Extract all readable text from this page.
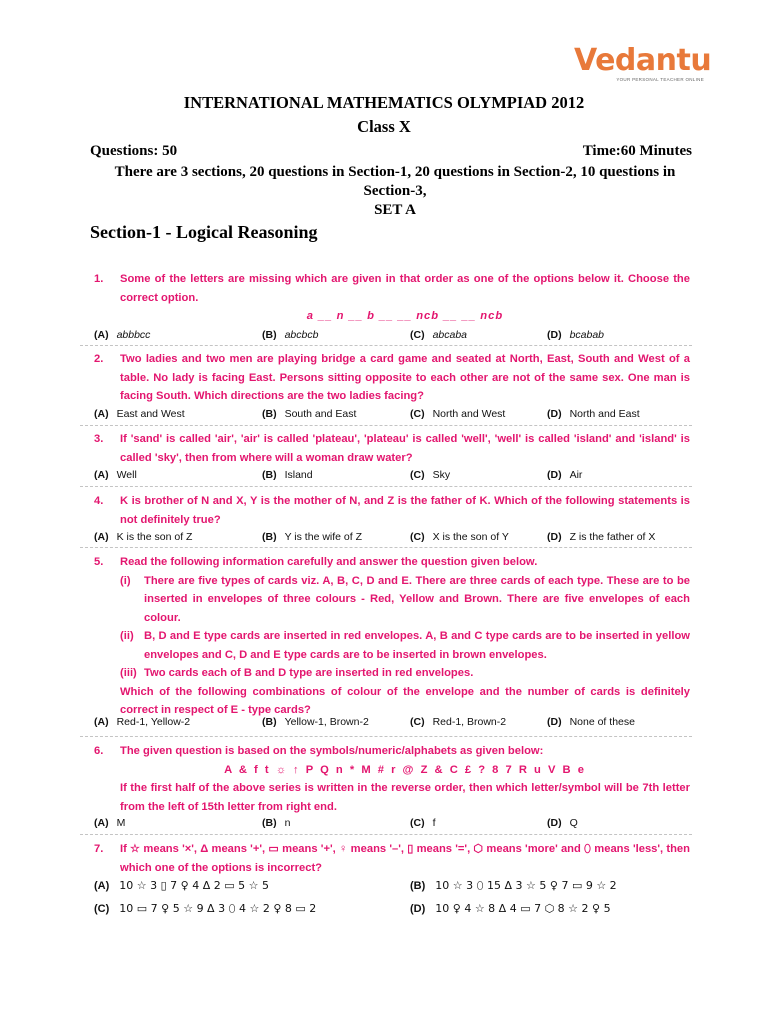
Vedantu
YOUR PERSONAL TEACHER ONLINE
INTERNATIONAL MATHEMATICS OLYMPIAD 2012
Class X
Questions: 50	Time:60 Minutes
There are 3 sections, 20 questions in Section-1, 20 questions in Section-2, 10 questions in Section-3,
SET A
Section-1 - Logical Reasoning
1. Some of the letters are missing which are given in that order as one of the options below it. Choose the correct option.
a __ n __ b __ __ ncb __ __ ncb
(A) abbbcc	(B) abcbcb	(C) abcaba	(D) bcabab
2. Two ladies and two men are playing bridge a card game and seated at North, East, South and West of a table. No lady is facing East. Persons sitting opposite to each other are not of the same sex. One man is facing South. Which directions are the two ladies facing?
(A) East and West	(B) South and East	(C) North and West	(D) North and East
3. If 'sand' is called 'air', 'air' is called 'plateau', 'plateau' is called 'well', 'well' is called 'island' and 'island' is called 'sky', then from where will a woman draw water?
(A) Well	(B) Island	(C) Sky	(D) Air
4. K is brother of N and X, Y is the mother of N, and Z is the father of K. Which of the following statements is not definitely true?
(A) K is the son of Z	(B) Y is the wife of Z	(C) X is the son of Y	(D) Z is the father of X
5. Read the following information carefully and answer the question given below.
(i) There are five types of cards viz. A, B, C, D and E. There are three cards of each type. These are to be inserted in envelopes of three colours - Red, Yellow and Brown. There are five envelopes of each colour.
(ii) B, D and E type cards are inserted in red envelopes. A, B and C type cards are to be inserted in yellow envelopes and C, D and E type cards are to be inserted in brown envelopes.
(iii) Two cards each of B and D type are inserted in red envelopes.
Which of the following combinations of colour of the envelope and the number of cards is definitely correct in respect of E - type cards?
(A) Red-1, Yellow-2	(B) Yellow-1, Brown-2	(C) Red-1, Brown-2	(D) None of these
6. The given question is based on the symbols/numeric/alphabets as given below:
A & f t ☼ ↑ P Q n * M # r @ Z & C £ ? 8 7 R u V B e
If the first half of the above series is written in the reverse order, then which letter/symbol will be 7th letter from the left of 15th letter from right end.
(A) M	(B) n	(C) f	(D) Q
7. If ☆ means '×', Δ means '+', ▭ means '+', ♀ means '–', ▯ means '=', ⬡ means 'more' and ⬯ means 'less', then which one of the options is incorrect?
(A) 10 ☆ 3 ▯ 7 ♀ 4 Δ 2 ▭ 5 ☆ 5	(B) 10 ☆ 3 ⬯ 15 Δ 3 ☆ 5 ♀ 7 ▭ 9 ☆ 2
(C) 10 ▭ 7 ♀ 5 ☆ 9 Δ 3 ⬯ 4 ☆ 2 ♀ 8 ▭ 2	(D) 10 ♀ 4 ☆ 8 Δ 4 ▭ 7 ⬡ 8 ☆ 2 ♀ 5
